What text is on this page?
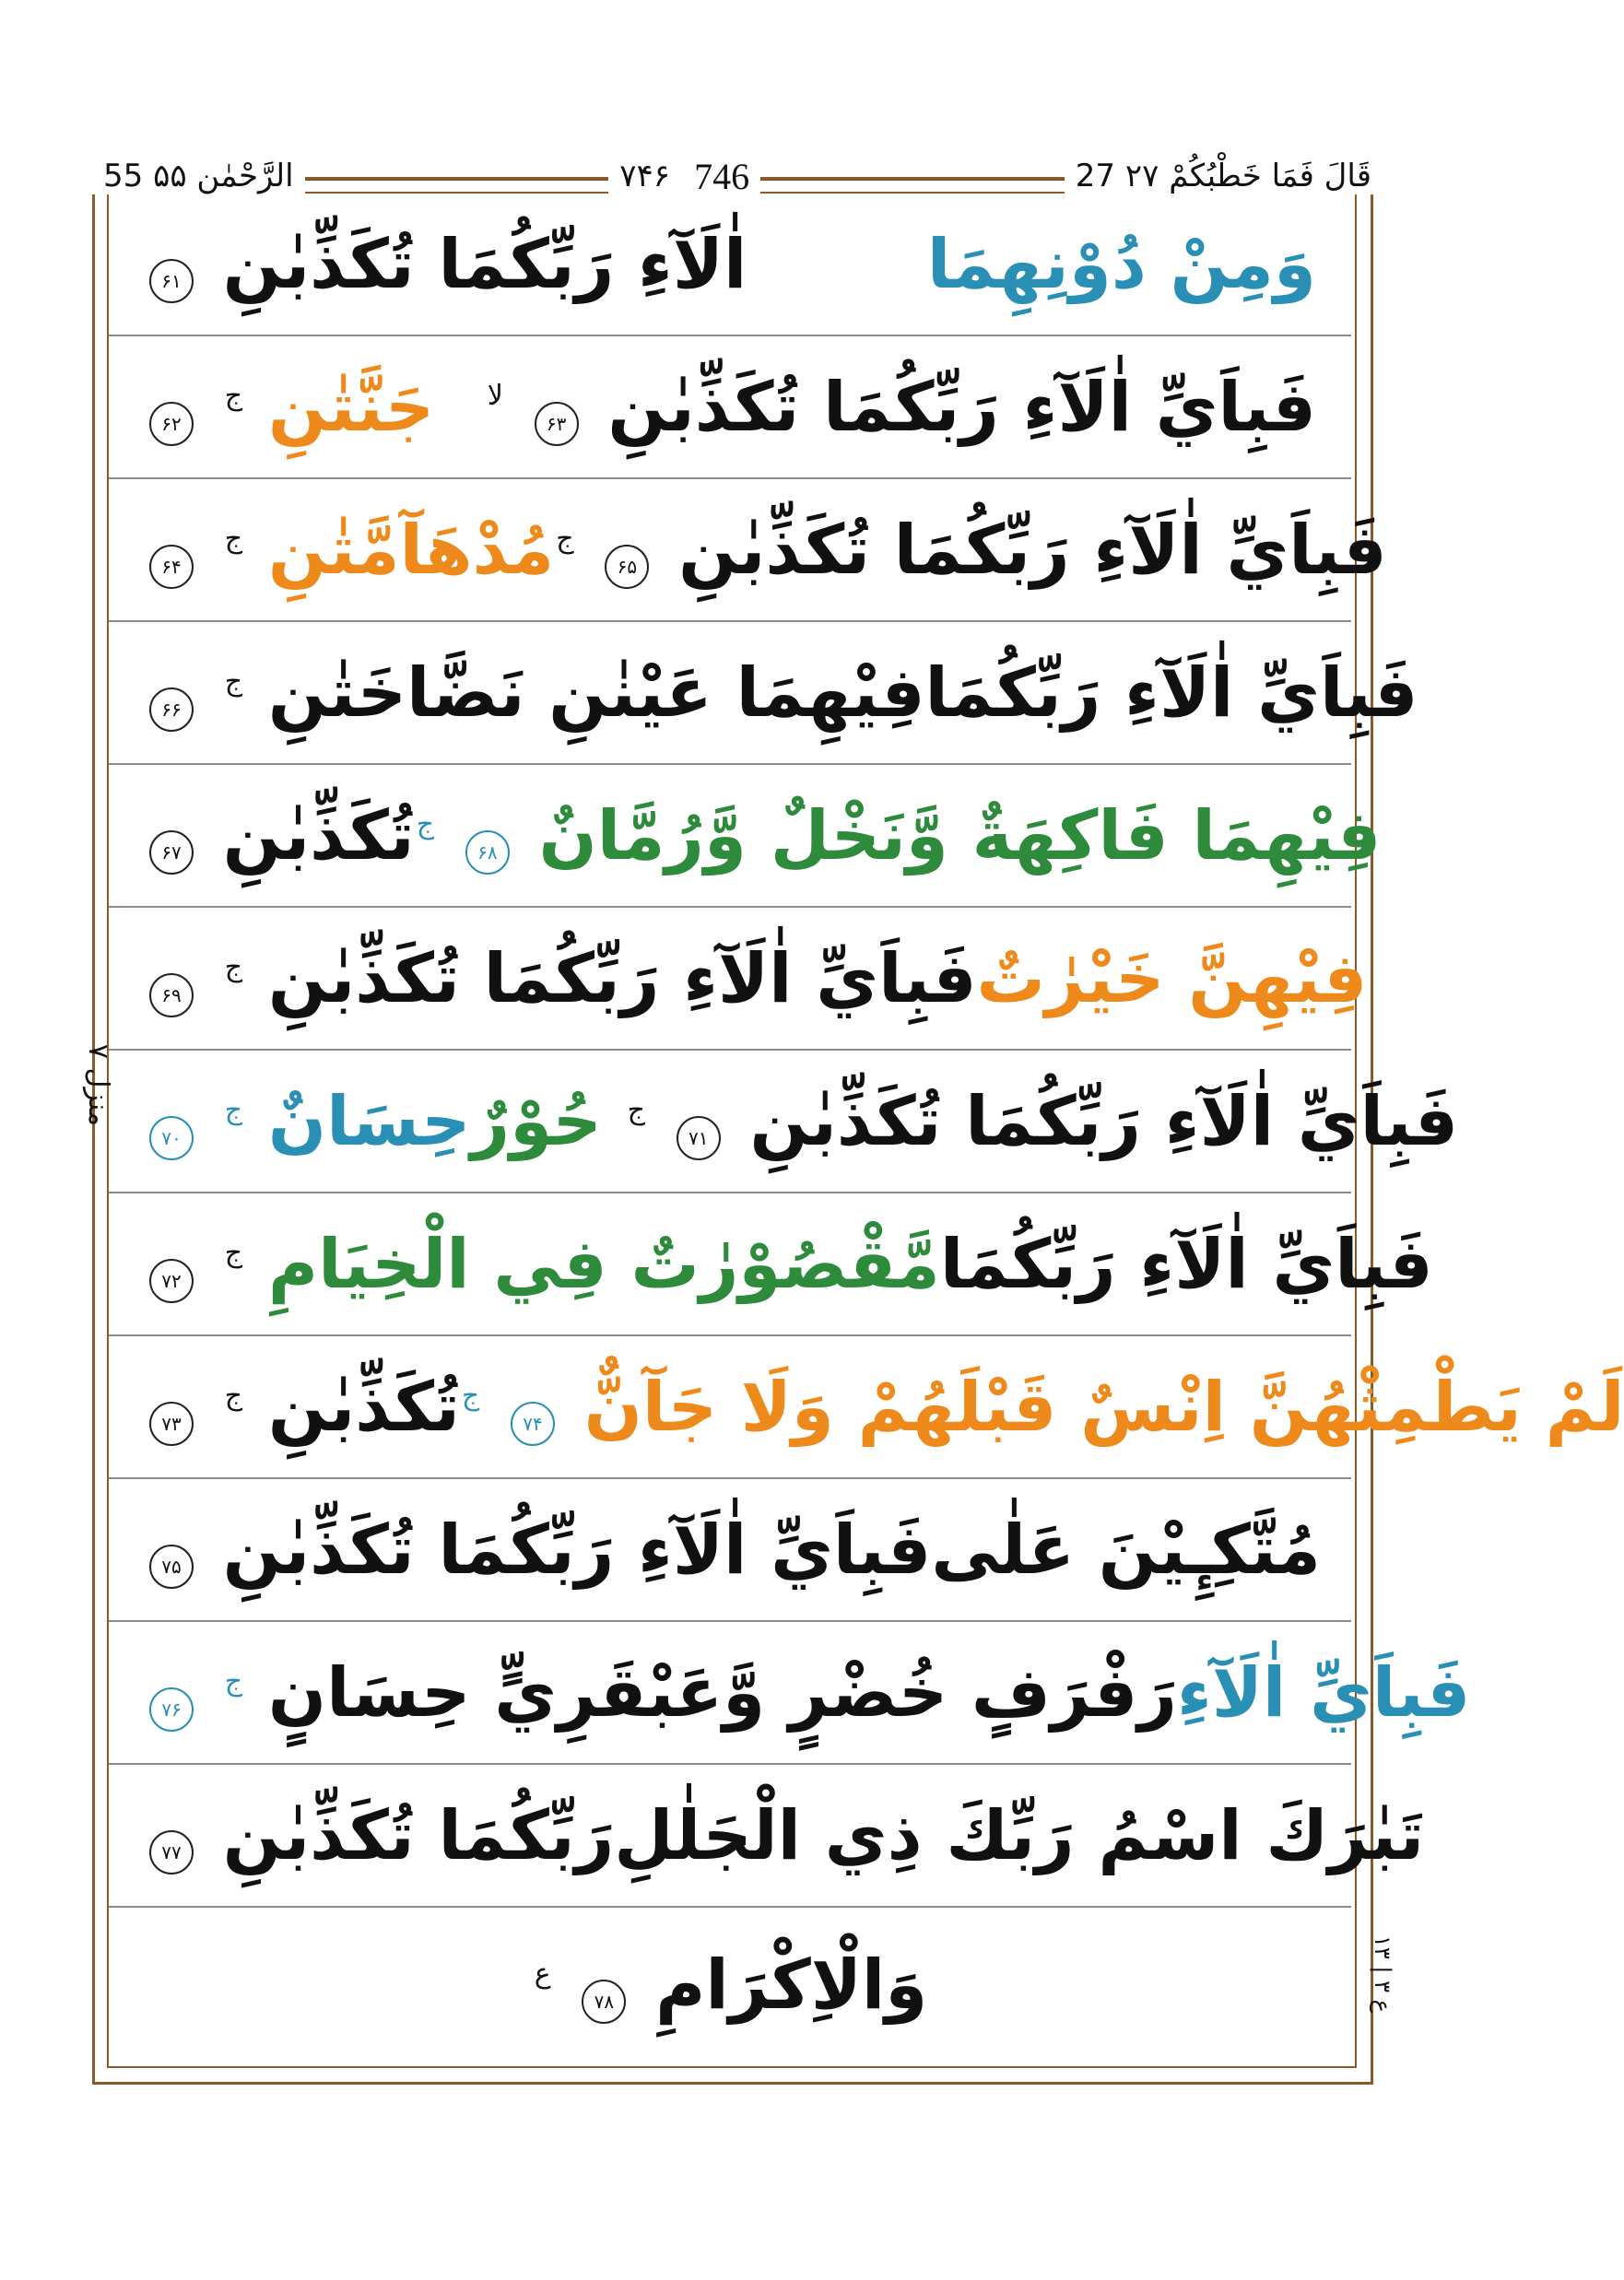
55 الرَّحْمٰن ۵۵	۷۴۶ 746	27 قَالَ فَمَا خَطْبُكُمْ ۲۷
منزل ۷
ع ۳ | ۱۳
اٰلَآءِ رَبِّكُمَا تُكَذِّبٰنِ ۶۱	وَمِنْ دُوْنِهِمَا
جَنَّتٰنِ $^ج$ ۶۲	فَبِاَيِّ اٰلَآءِ رَبِّكُمَا تُكَذِّبٰنِ ۶۳ $^{لا}$
مُدْهَآمَّتٰنِ $^ج$ ۶۴	فَبِاَيِّ اٰلَآءِ رَبِّكُمَا تُكَذِّبٰنِ ۶۵ $^ج$
فِيْهِمَا عَيْنٰنِ نَضَّاخَتٰنِ $^ج$ ۶۶	فَبِاَيِّ اٰلَآءِ رَبِّكُمَا
تُكَذِّبٰنِ ۶۷	فِيْهِمَا فَاكِهَةٌ وَّنَخْلٌ وَّرُمَّانٌ ۶۸ $^ج$
فَبِاَيِّ اٰلَآءِ رَبِّكُمَا تُكَذِّبٰنِ $^ج$ ۶۹	فِيْهِنَّ خَيْرٰتٌ
حِسَانٌ $^ج$ ۷۰	فَبِاَيِّ اٰلَآءِ رَبِّكُمَا تُكَذِّبٰنِ ۷۱ $^ج$ حُوْرٌ
مَّقْصُوْرٰتٌ فِي الْخِيَامِ $^ج$ ۷۲	فَبِاَيِّ اٰلَآءِ رَبِّكُمَا
تُكَذِّبٰنِ $^ج$ ۷۳	لَمْ يَطْمِثْهُنَّ اِنْسٌ قَبْلَهُمْ وَلَا جَآنٌّ ۷۴ $^ج$
فَبِاَيِّ اٰلَآءِ رَبِّكُمَا تُكَذِّبٰنِ ۷۵	مُتَّكِـِٕيْنَ عَلٰى
رَفْرَفٍ خُضْرٍ وَّعَبْقَرِيٍّ حِسَانٍ $^ج$ ۷۶	فَبِاَيِّ اٰلَآءِ
رَبِّكُمَا تُكَذِّبٰنِ ۷۷	تَبٰرَكَ اسْمُ رَبِّكَ ذِي الْجَلٰلِ
وَالْاِكْرَامِ ۷۸ $^ع$
